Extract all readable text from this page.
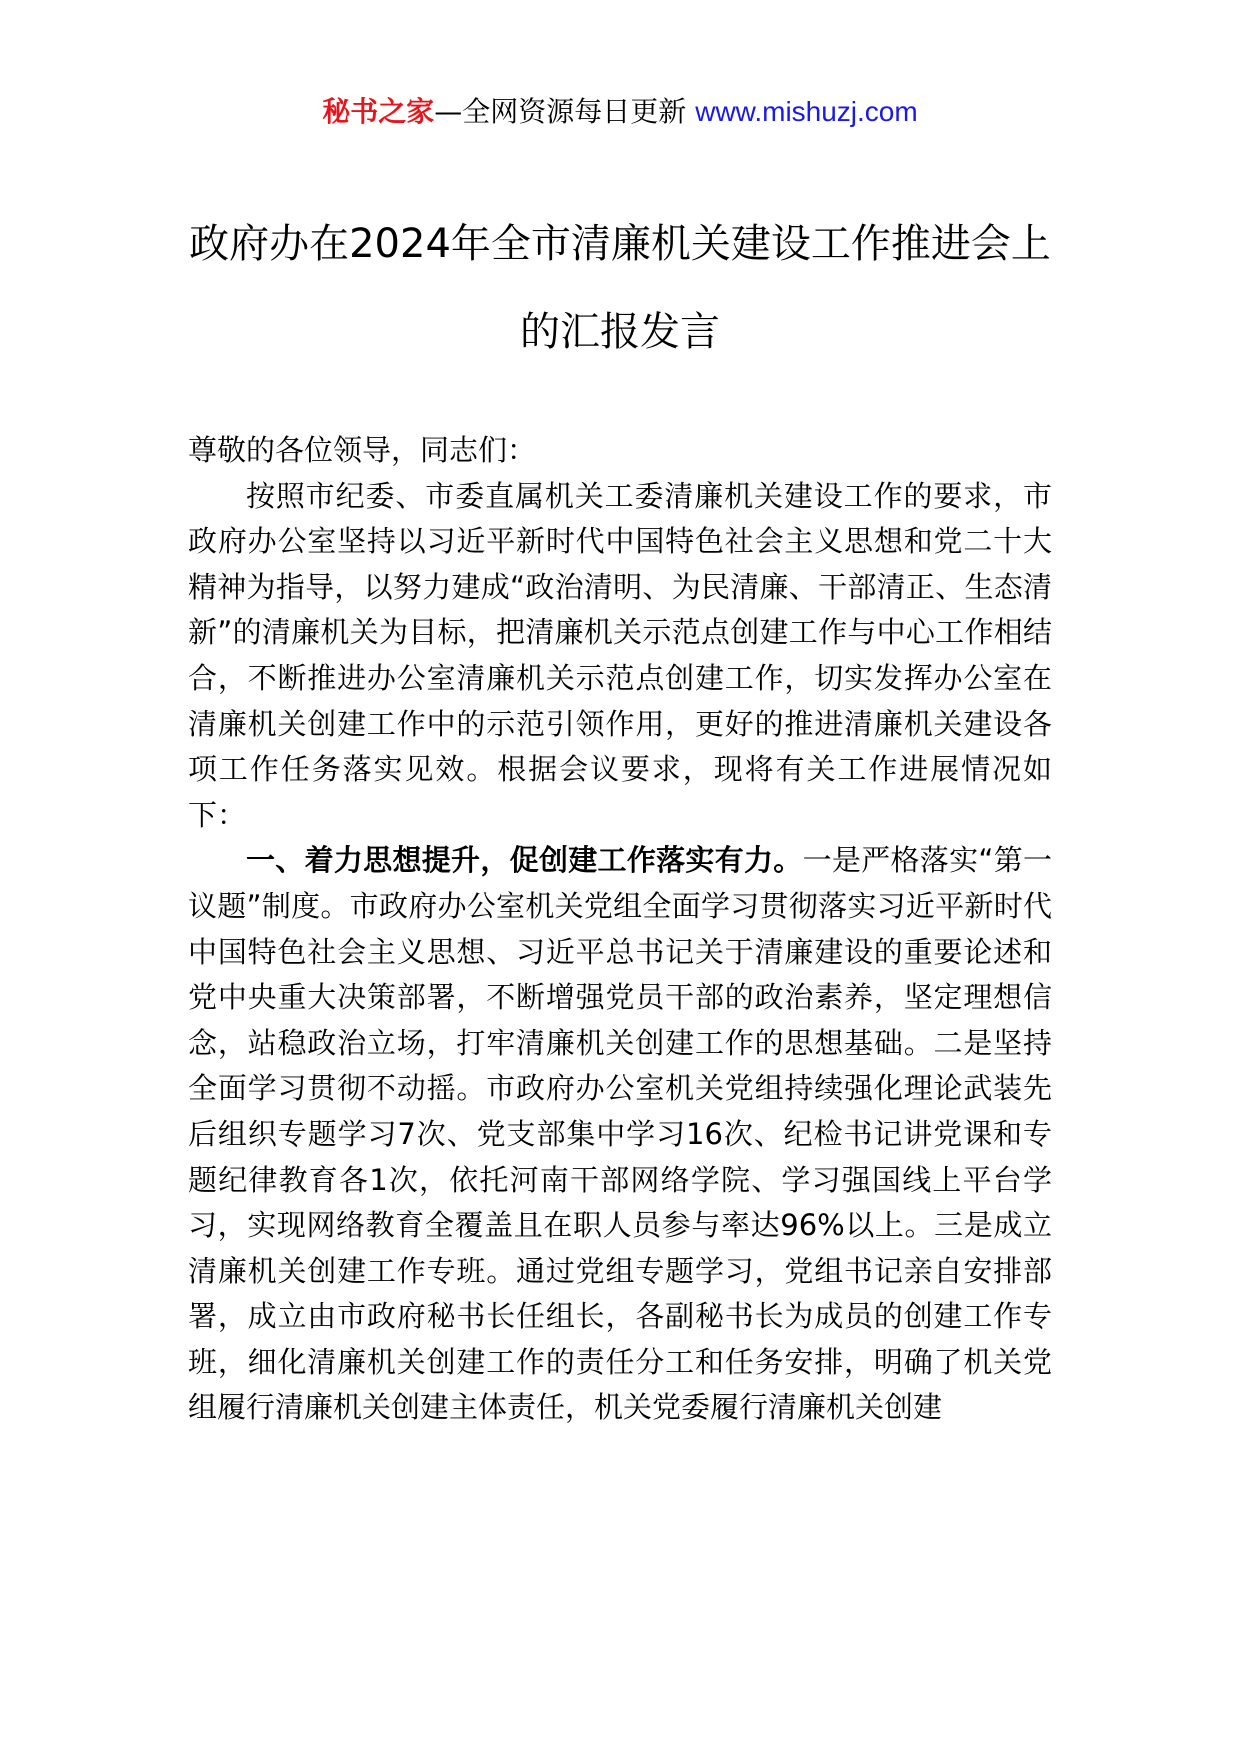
秘书之家—全网资源每日更新 www.mishuzj.com
政府办在2024年全市清廉机关建设工作推进会上的汇报发言

尊敬的各位领导，同志们：

按照市纪委、市委直属机关工委清廉机关建设工作的要求，市政府办公室坚持以习近平新时代中国特色社会主义思想和党二十大精神为指导，以努力建成“政治清明、为民清廉、干部清正、生态清新”的清廉机关为目标，把清廉机关示范点创建工作与中心工作相结合，不断推进办公室清廉机关示范点创建工作，切实发挥办公室在清廉机关创建工作中的示范引领作用，更好的推进清廉机关建设各项工作任务落实见效。根据会议要求，现将有关工作进展情况如下：

一、着力思想提升，促创建工作落实有力。一是严格落实“第一议题”制度。市政府办公室机关党组全面学习贯彻落实习近平新时代中国特色社会主义思想、习近平总书记关于清廉建设的重要论述和党中央重大决策部署，不断增强党员干部的政治素养，坚定理想信念，站稳政治立场，打牢清廉机关创建工作的思想基础。二是坚持全面学习贯彻不动摇。市政府办公室机关党组持续强化理论武装先后组织专题学习7次、党支部集中学习16次、纪检书记讲党课和专题纪律教育各1次，依托河南干部网络学院、学习强国线上平台学习，实现网络教育全覆盖且在职人员参与率达96%以上。三是成立清廉机关创建工作专班。通过党组专题学习，党组书记亲自安排部署，成立由市政府秘书长任组长，各副秘书长为成员的创建工作专班，细化清廉机关创建工作的责任分工和任务安排，明确了机关党组履行清廉机关创建主体责任，机关党委履行清廉机关创建
